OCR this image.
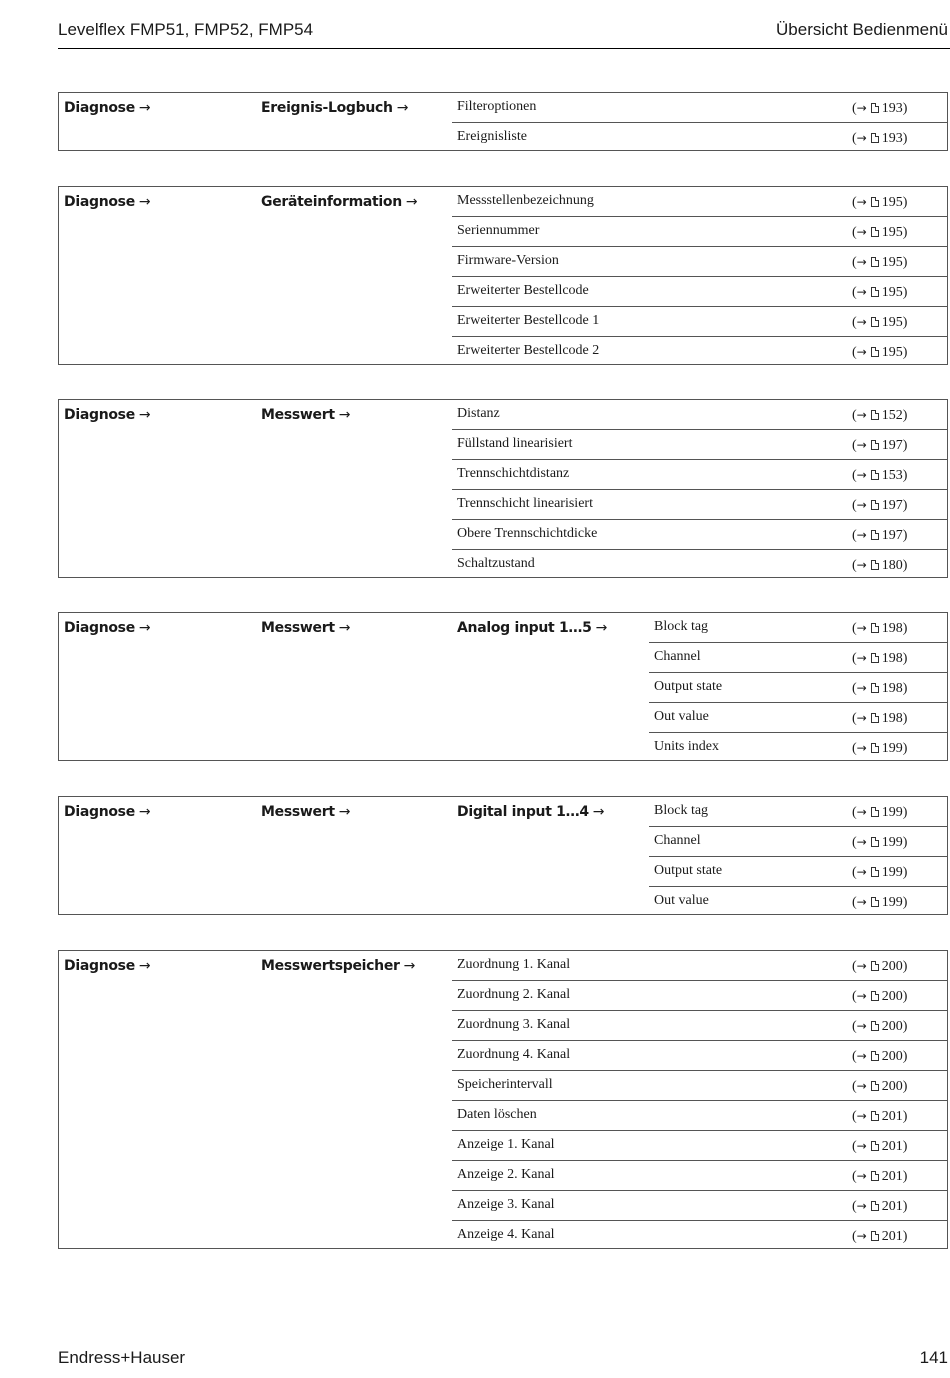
Levelflex FMP51, FMP52, FMP54	Übersicht Bedienmenü
Diagnose →	Ereignis-Logbuch →	Filteroptionen	(→ 193)
Ereignisliste	(→ 193)
Diagnose →	Geräteinformation →	Messstellenbezeichnung	(→ 195)
Seriennummer	(→ 195)
Firmware-Version	(→ 195)
Erweiterter Bestellcode	(→ 195)
Erweiterter Bestellcode 1	(→ 195)
Erweiterter Bestellcode 2	(→ 195)
Diagnose →	Messwert →	Distanz	(→ 152)
Füllstand linearisiert	(→ 197)
Trennschichtdistanz	(→ 153)
Trennschicht linearisiert	(→ 197)
Obere Trennschichtdicke	(→ 197)
Schaltzustand	(→ 180)
Diagnose →	Messwert →	Analog input 1…5 →	Block tag	(→ 198)
Channel	(→ 198)
Output state	(→ 198)
Out value	(→ 198)
Units index	(→ 199)
Diagnose →	Messwert →	Digital input 1…4 →	Block tag	(→ 199)
Channel	(→ 199)
Output state	(→ 199)
Out value	(→ 199)
Diagnose →	Messwertspeicher →	Zuordnung 1. Kanal	(→ 200)
Zuordnung 2. Kanal	(→ 200)
Zuordnung 3. Kanal	(→ 200)
Zuordnung 4. Kanal	(→ 200)
Speicherintervall	(→ 200)
Daten löschen	(→ 201)
Anzeige 1. Kanal	(→ 201)
Anzeige 2. Kanal	(→ 201)
Anzeige 3. Kanal	(→ 201)
Anzeige 4. Kanal	(→ 201)
Endress+Hauser	141
